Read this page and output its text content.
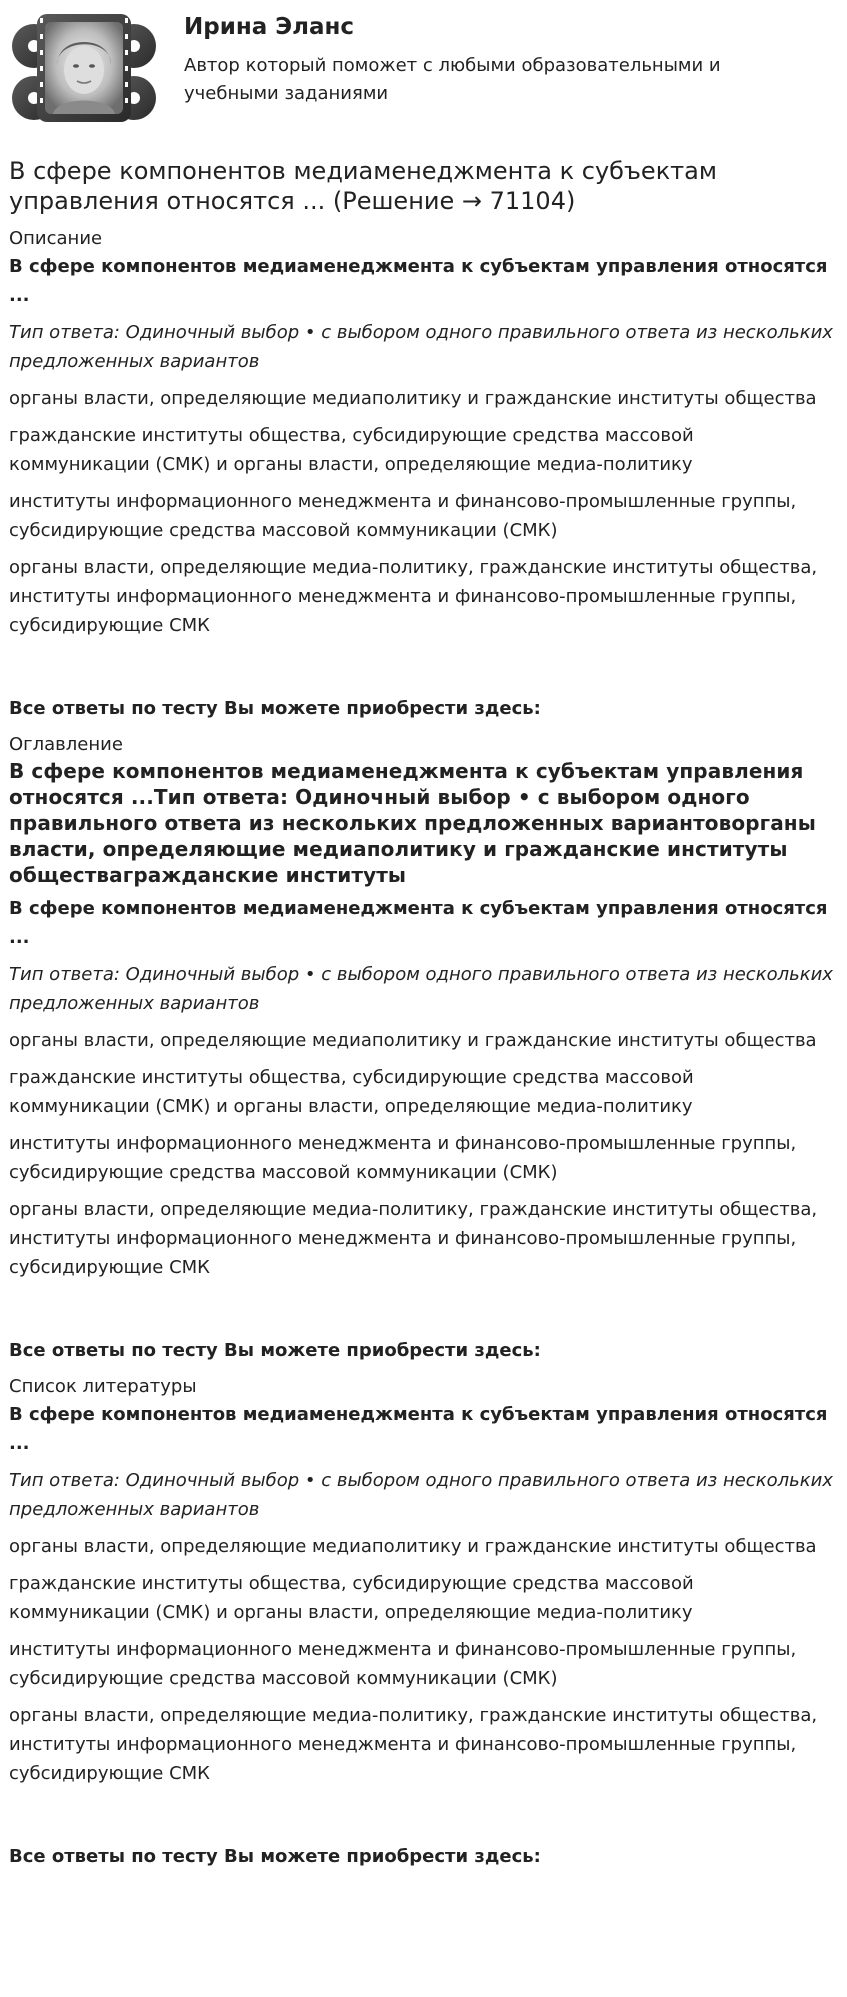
Ирина Эланс
Автор который поможет с любыми образовательными и учебными заданиями
В сфере компонентов медиаменеджмента к субъектам управления относятся ... (Решение → 71104)
Описание

В сфере компонентов медиаменеджмента к субъектам управления относятся ...

Тип ответа: Одиночный выбор • с выбором одного правильного ответа из нескольких предложенных вариантов

органы власти, определяющие медиаполитику и гражданские институты общества

гражданские институты общества, субсидирующие средства массовой коммуникации (СМК) и органы власти, определяющие медиа-политику

институты информационного менеджмента и финансово-промышленные группы, субсидирующие средства массовой коммуникации (СМК)

органы власти, определяющие медиа-политику, гражданские институты общества, институты информационного менеджмента и финансово-промышленные группы, субсидирующие СМК

Все ответы по тесту Вы можете приобрести здесь:

Оглавление
В сфере компонентов медиаменеджмента к субъектам управления относятся ...Тип ответа: Одиночный выбор • с выбором одного правильного ответа из нескольких предложенных вариантоворганы власти, определяющие медиаполитику и гражданские институты обществагражданские институты

В сфере компонентов медиаменеджмента к субъектам управления относятся ...

Тип ответа: Одиночный выбор • с выбором одного правильного ответа из нескольких предложенных вариантов

органы власти, определяющие медиаполитику и гражданские институты общества

гражданские институты общества, субсидирующие средства массовой коммуникации (СМК) и органы власти, определяющие медиа-политику

институты информационного менеджмента и финансово-промышленные группы, субсидирующие средства массовой коммуникации (СМК)

органы власти, определяющие медиа-политику, гражданские институты общества, институты информационного менеджмента и финансово-промышленные группы, субсидирующие СМК

Все ответы по тесту Вы можете приобрести здесь:

Список литературы

В сфере компонентов медиаменеджмента к субъектам управления относятся ...

Тип ответа: Одиночный выбор • с выбором одного правильного ответа из нескольких предложенных вариантов

органы власти, определяющие медиаполитику и гражданские институты общества

гражданские институты общества, субсидирующие средства массовой коммуникации (СМК) и органы власти, определяющие медиа-политику

институты информационного менеджмента и финансово-промышленные группы, субсидирующие средства массовой коммуникации (СМК)

органы власти, определяющие медиа-политику, гражданские институты общества, институты информационного менеджмента и финансово-промышленные группы, субсидирующие СМК

Все ответы по тесту Вы можете приобрести здесь:
